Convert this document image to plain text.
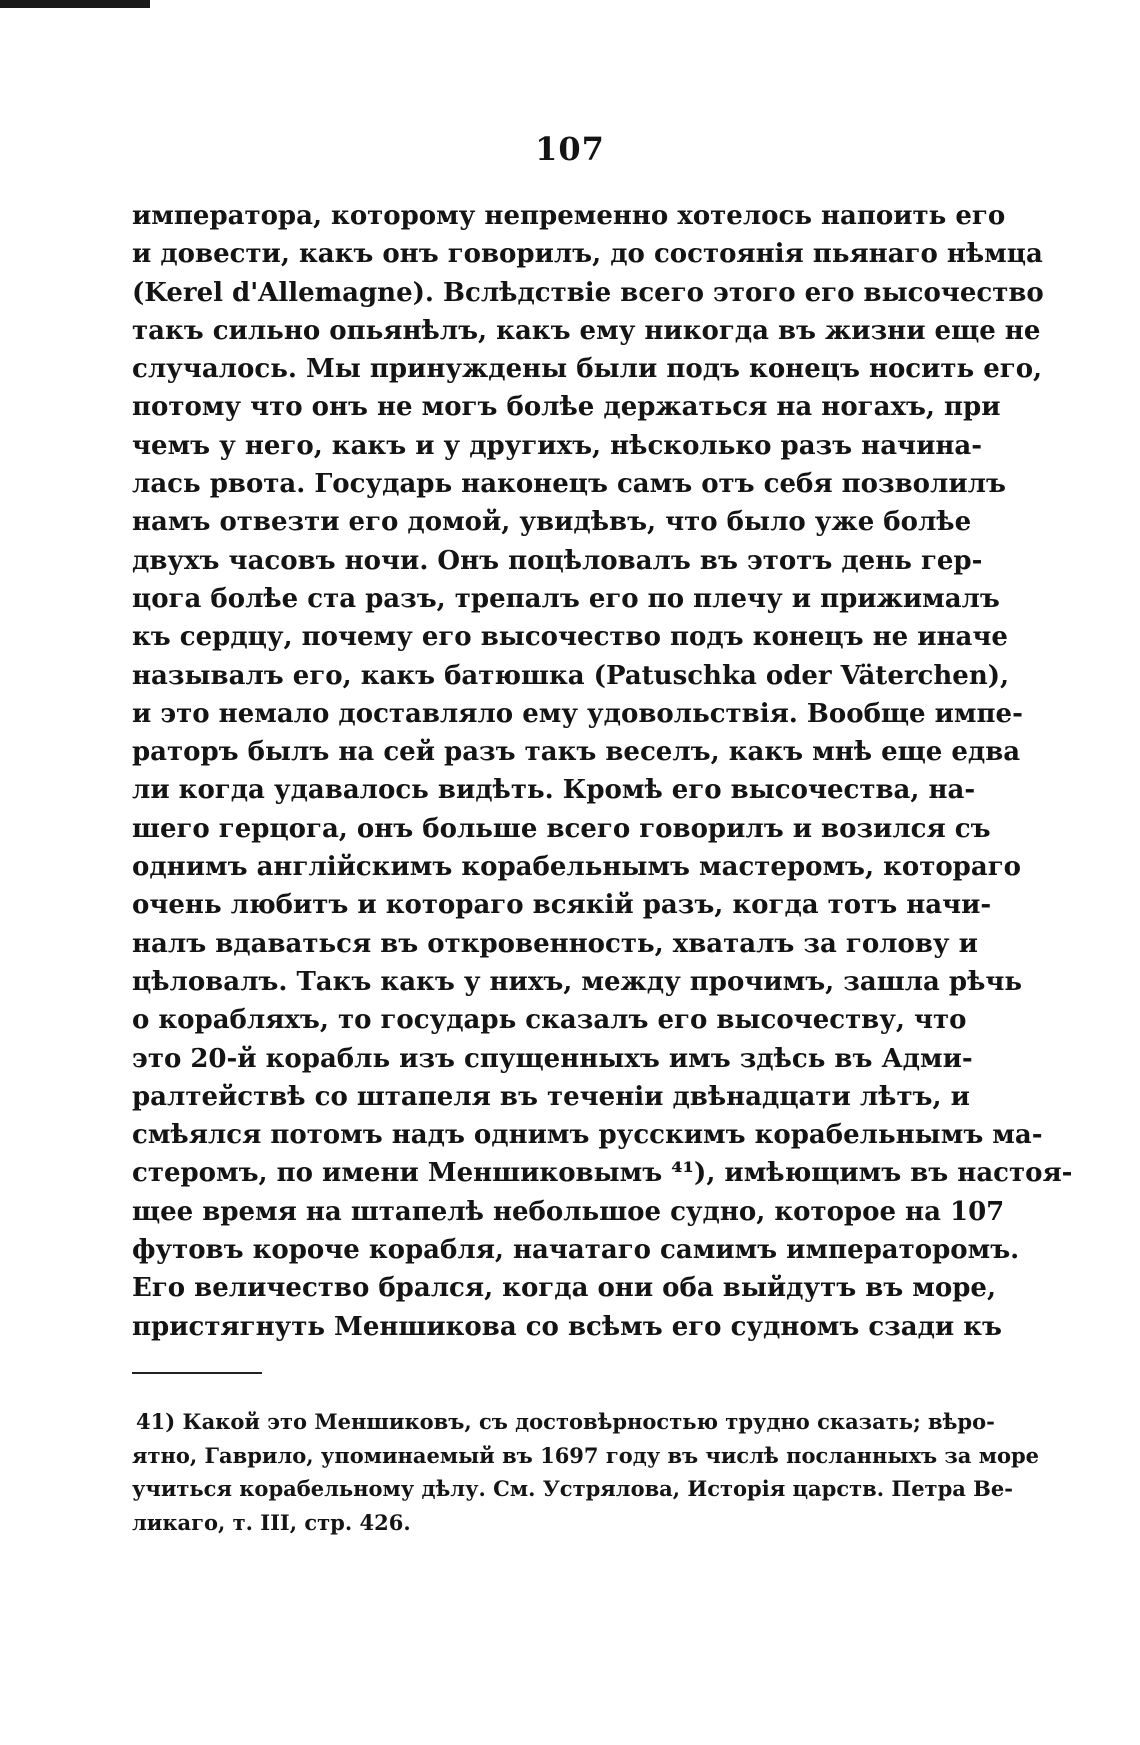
107
императора, которому непременно хотелось напоить его
и довести, какъ онъ говорилъ, до состоянія пьянаго нѣмца
(Kerel d'Allemagne). Вслѣдствіе всего этого его высочество
такъ сильно опьянѣлъ, какъ ему никогда въ жизни еще не
случалось. Мы принуждены были подъ конецъ носить его,
потому что онъ не могъ болѣе держаться на ногахъ, при
чемъ у него, какъ и у другихъ, нѣсколько разъ начина-
лась рвота. Государь наконецъ самъ отъ себя позволилъ
намъ отвезти его домой, увидѣвъ, что было уже болѣе
двухъ часовъ ночи. Онъ поцѣловалъ въ этотъ день гер-
цога болѣе ста разъ, трепалъ его по плечу и прижималъ
къ сердцу, почему его высочество подъ конецъ не иначе
называлъ его, какъ батюшка (Patuschka oder Väterchen),
и это немало доставляло ему удовольствія. Вообще импе-
раторъ былъ на сей разъ такъ веселъ, какъ мнѣ еще едва
ли когда удавалось видѣть. Кромѣ его высочества, на-
шего герцога, онъ больше всего говорилъ и возился съ
однимъ англійскимъ корабельнымъ мастеромъ, котораго
очень любитъ и котораго всякій разъ, когда тотъ начи-
налъ вдаваться въ откровенность, хваталъ за голову и
цѣловалъ. Такъ какъ у нихъ, между прочимъ, зашла рѣчь
о корабляхъ, то государь сказалъ его высочеству, что
это 20-й корабль изъ спущенныхъ имъ здѣсь въ Адми-
ралтействѣ со штапеля въ теченіи двѣнадцати лѣтъ, и
смѣялся потомъ надъ однимъ русскимъ корабельнымъ ма-
стеромъ, по имени Меншиковымъ ⁴¹), имѣющимъ въ настоя-
щее время на штапелѣ небольшое судно, которое на 107
футовъ короче корабля, начатаго самимъ императоромъ.
Его величество брался, когда они оба выйдутъ въ море,
пристягнуть Меншикова со всѣмъ его судномъ сзади къ
41) Какой это Меншиковъ, съ достовѣрностью трудно сказать; вѣро-
ятно, Гаврило, упоминаемый въ 1697 году въ числѣ посланныхъ за море
учиться корабельному дѣлу. См. Устрялова, Исторія царств. Петра Ве-
ликаго, т. III, стр. 426.
